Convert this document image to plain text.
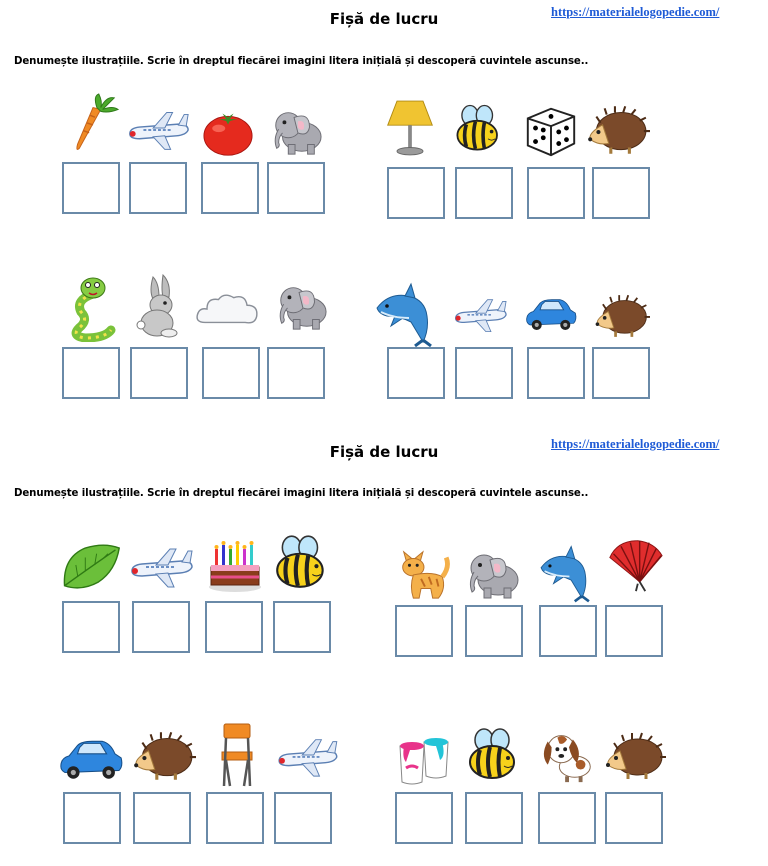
Fișă de lucru	https://materialelogopedie.com/
Denumește ilustrațiile. Scrie în dreptul fiecărei imagini litera inițială și descoperă cuvintele ascunse..
Fișă de lucru	https://materialelogopedie.com/
Denumește ilustrațiile. Scrie în dreptul fiecărei imagini litera inițială și descoperă cuvintele ascunse..
